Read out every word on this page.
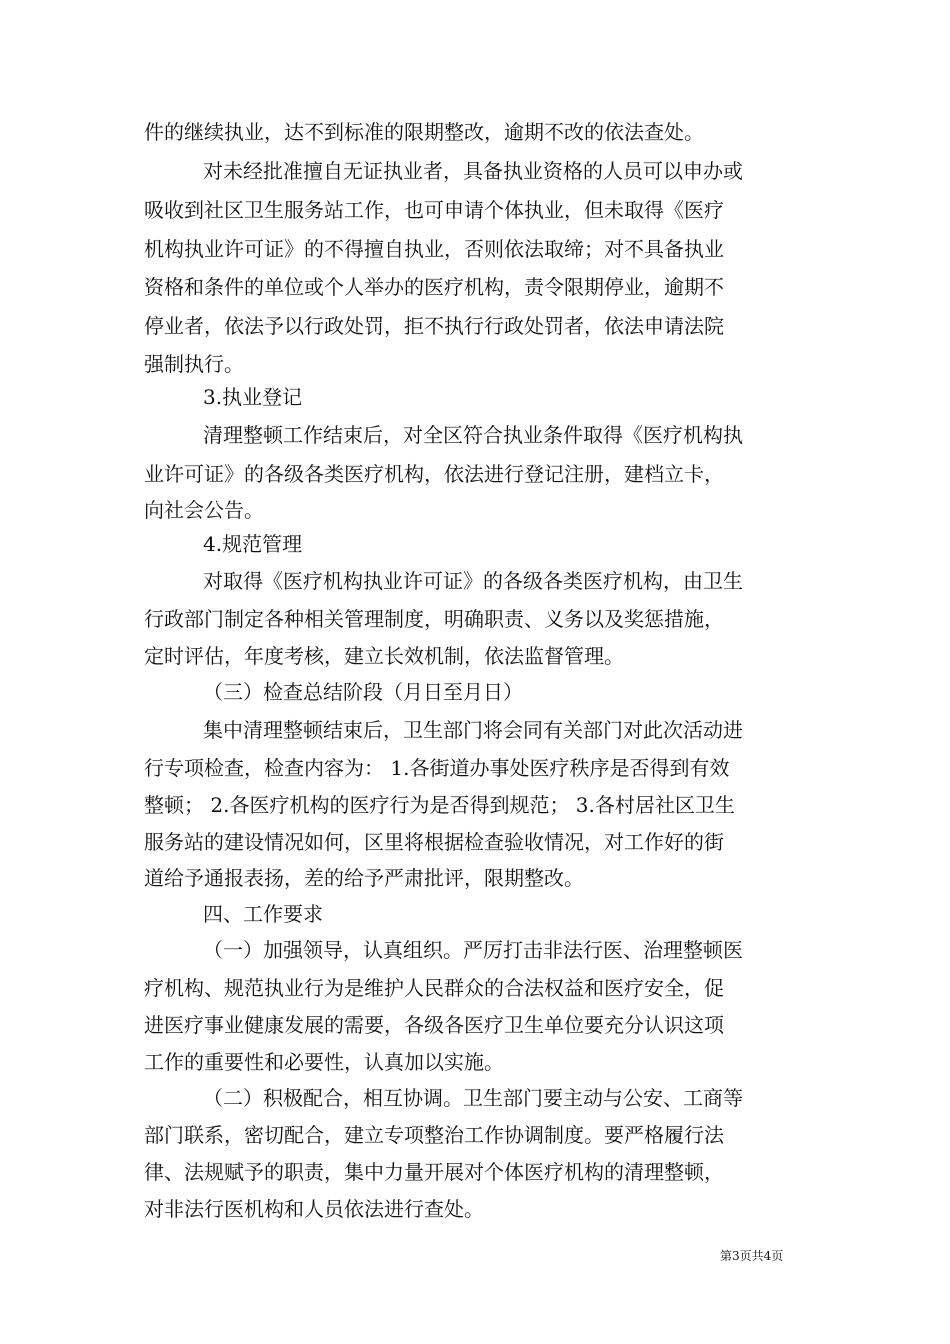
件的继续执业，达不到标准的限期整改，逾期不改的依法查处。
对未经批准擅自无证执业者，具备执业资格的人员可以申办或
吸收到社区卫生服务站工作，也可申请个体执业，但未取得《医疗
机构执业许可证》的不得擅自执业，否则依法取缔；对不具备执业
资格和条件的单位或个人举办的医疗机构，责令限期停业，逾期不
停业者，依法予以行政处罚，拒不执行行政处罚者，依法申请法院
强制执行。
3.执业登记
清理整顿工作结束后，对全区符合执业条件取得《医疗机构执
业许可证》的各级各类医疗机构，依法进行登记注册，建档立卡，
向社会公告。
4.规范管理
对取得《医疗机构执业许可证》的各级各类医疗机构，由卫生
行政部门制定各种相关管理制度，明确职责、义务以及奖惩措施，
定时评估，年度考核，建立长效机制，依法监督管理。
（三）检查总结阶段（月日至月日）
集中清理整顿结束后，卫生部门将会同有关部门对此次活动进
行专项检查，检查内容为： 1.各街道办事处医疗秩序是否得到有效
整顿； 2.各医疗机构的医疗行为是否得到规范； 3.各村居社区卫生
服务站的建设情况如何，区里将根据检查验收情况，对工作好的街
道给予通报表扬，差的给予严肃批评，限期整改。
四、工作要求
（一）加强领导，认真组织。严厉打击非法行医、治理整顿医
疗机构、规范执业行为是维护人民群众的合法权益和医疗安全，促
进医疗事业健康发展的需要，各级各医疗卫生单位要充分认识这项
工作的重要性和必要性，认真加以实施。
（二）积极配合，相互协调。卫生部门要主动与公安、工商等
部门联系，密切配合，建立专项整治工作协调制度。要严格履行法
律、法规赋予的职责，集中力量开展对个体医疗机构的清理整顿，
对非法行医机构和人员依法进行查处。
第3页共4页
